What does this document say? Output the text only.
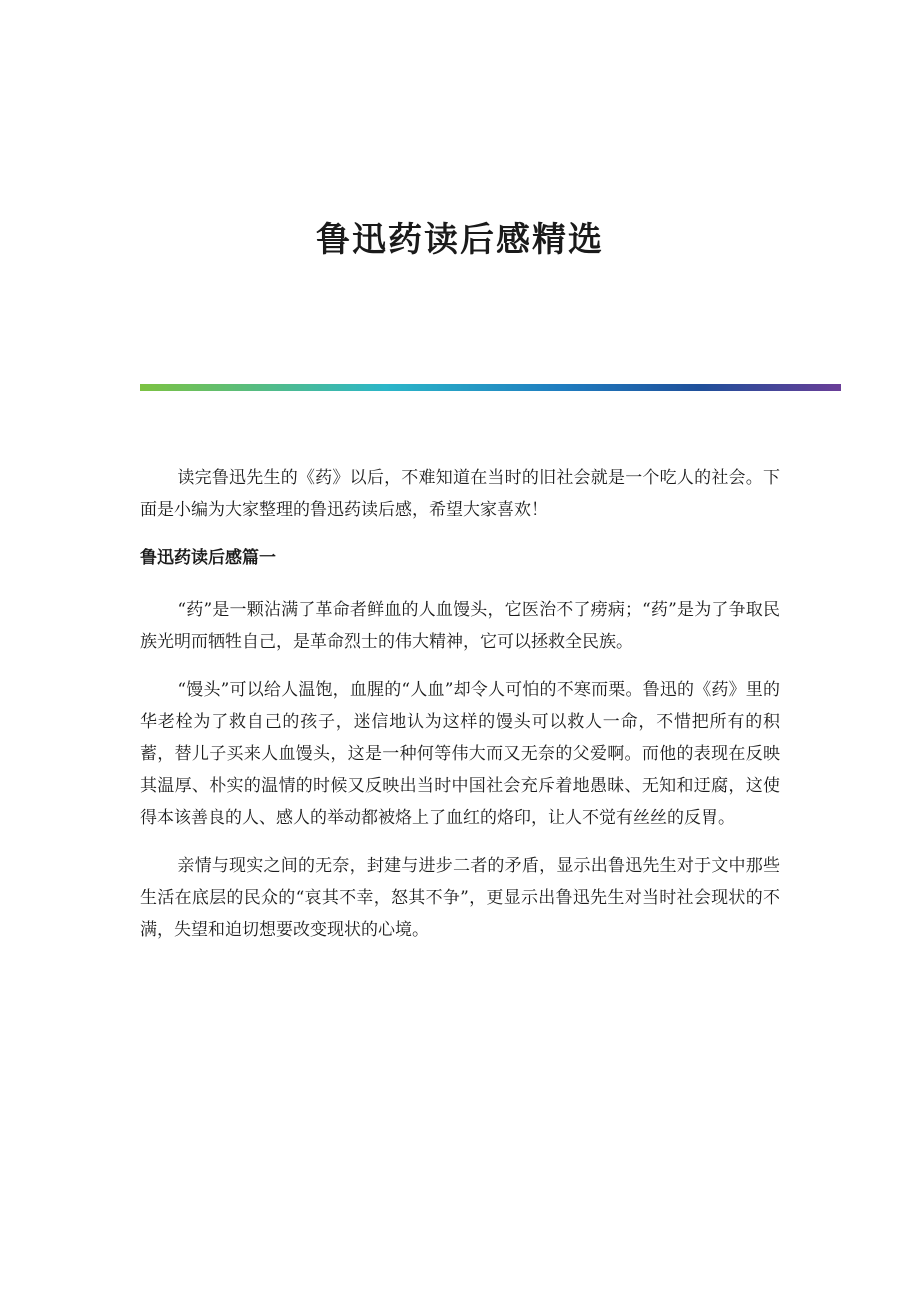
鲁迅药读后感精选

读完鲁迅先生的《药》以后，不难知道在当时的旧社会就是一个吃人的社会。下面是小编为大家整理的鲁迅药读后感，希望大家喜欢！

鲁迅药读后感篇一

“药”是一颗沾满了革命者鲜血的人血馒头，它医治不了痨病；“药”是为了争取民族光明而牺牲自己，是革命烈士的伟大精神，它可以拯救全民族。

“馒头”可以给人温饱，血腥的“人血”却令人可怕的不寒而栗。鲁迅的《药》里的华老栓为了救自己的孩子，迷信地认为这样的馒头可以救人一命，不惜把所有的积蓄，替儿子买来人血馒头，这是一种何等伟大而又无奈的父爱啊。而他的表现在反映其温厚、朴实的温情的时候又反映出当时中国社会充斥着地愚昧、无知和迂腐，这使得本该善良的人、感人的举动都被烙上了血红的烙印，让人不觉有丝丝的反胃。

亲情与现实之间的无奈，封建与进步二者的矛盾，显示出鲁迅先生对于文中那些生活在底层的民众的“哀其不幸，怒其不争”，更显示出鲁迅先生对当时社会现状的不满，失望和迫切想要改变现状的心境。
